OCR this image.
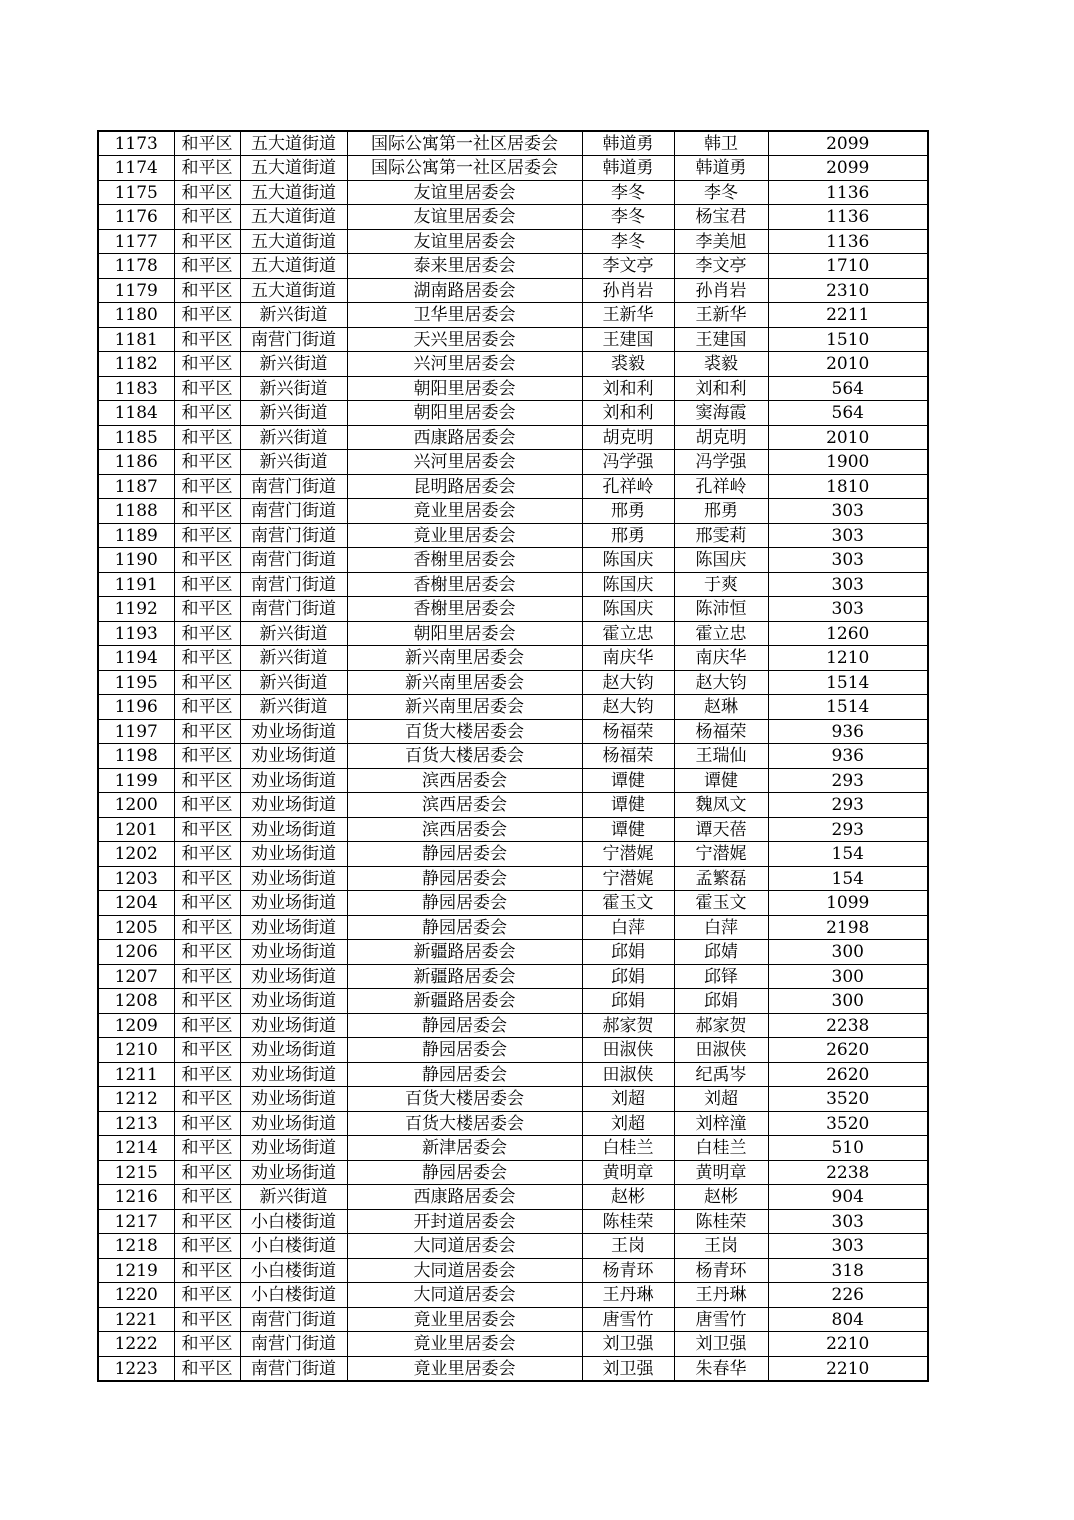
1173	和平区	五大道街道	国际公寓第一社区居委会	韩道勇	韩卫	2099
1174	和平区	五大道街道	国际公寓第一社区居委会	韩道勇	韩道勇	2099
1175	和平区	五大道街道	友谊里居委会	李冬	李冬	1136
1176	和平区	五大道街道	友谊里居委会	李冬	杨宝君	1136
1177	和平区	五大道街道	友谊里居委会	李冬	李美旭	1136
1178	和平区	五大道街道	泰来里居委会	李文亭	李文亭	1710
1179	和平区	五大道街道	湖南路居委会	孙肖岩	孙肖岩	2310
1180	和平区	新兴街道	卫华里居委会	王新华	王新华	2211
1181	和平区	南营门街道	天兴里居委会	王建国	王建国	1510
1182	和平区	新兴街道	兴河里居委会	裘毅	裘毅	2010
1183	和平区	新兴街道	朝阳里居委会	刘和利	刘和利	564
1184	和平区	新兴街道	朝阳里居委会	刘和利	窦海霞	564
1185	和平区	新兴街道	西康路居委会	胡克明	胡克明	2010
1186	和平区	新兴街道	兴河里居委会	冯学强	冯学强	1900
1187	和平区	南营门街道	昆明路居委会	孔祥岭	孔祥岭	1810
1188	和平区	南营门街道	竟业里居委会	邢勇	邢勇	303
1189	和平区	南营门街道	竟业里居委会	邢勇	邢雯莉	303
1190	和平区	南营门街道	香榭里居委会	陈国庆	陈国庆	303
1191	和平区	南营门街道	香榭里居委会	陈国庆	于爽	303
1192	和平区	南营门街道	香榭里居委会	陈国庆	陈沛恒	303
1193	和平区	新兴街道	朝阳里居委会	霍立忠	霍立忠	1260
1194	和平区	新兴街道	新兴南里居委会	南庆华	南庆华	1210
1195	和平区	新兴街道	新兴南里居委会	赵大钧	赵大钧	1514
1196	和平区	新兴街道	新兴南里居委会	赵大钧	赵琳	1514
1197	和平区	劝业场街道	百货大楼居委会	杨福荣	杨福荣	936
1198	和平区	劝业场街道	百货大楼居委会	杨福荣	王瑞仙	936
1199	和平区	劝业场街道	滨西居委会	谭健	谭健	293
1200	和平区	劝业场街道	滨西居委会	谭健	魏凤文	293
1201	和平区	劝业场街道	滨西居委会	谭健	谭天蓓	293
1202	和平区	劝业场街道	静园居委会	宁潜娓	宁潜娓	154
1203	和平区	劝业场街道	静园居委会	宁潜娓	孟繁磊	154
1204	和平区	劝业场街道	静园居委会	霍玉文	霍玉文	1099
1205	和平区	劝业场街道	静园居委会	白萍	白萍	2198
1206	和平区	劝业场街道	新疆路居委会	邱娟	邱婧	300
1207	和平区	劝业场街道	新疆路居委会	邱娟	邱铎	300
1208	和平区	劝业场街道	新疆路居委会	邱娟	邱娟	300
1209	和平区	劝业场街道	静园居委会	郝家贺	郝家贺	2238
1210	和平区	劝业场街道	静园居委会	田淑侠	田淑侠	2620
1211	和平区	劝业场街道	静园居委会	田淑侠	纪禹岑	2620
1212	和平区	劝业场街道	百货大楼居委会	刘超	刘超	3520
1213	和平区	劝业场街道	百货大楼居委会	刘超	刘梓潼	3520
1214	和平区	劝业场街道	新津居委会	白桂兰	白桂兰	510
1215	和平区	劝业场街道	静园居委会	黄明章	黄明章	2238
1216	和平区	新兴街道	西康路居委会	赵彬	赵彬	904
1217	和平区	小白楼街道	开封道居委会	陈桂荣	陈桂荣	303
1218	和平区	小白楼街道	大同道居委会	王岗	王岗	303
1219	和平区	小白楼街道	大同道居委会	杨青环	杨青环	318
1220	和平区	小白楼街道	大同道居委会	王丹琳	王丹琳	226
1221	和平区	南营门街道	竟业里居委会	唐雪竹	唐雪竹	804
1222	和平区	南营门街道	竟业里居委会	刘卫强	刘卫强	2210
1223	和平区	南营门街道	竟业里居委会	刘卫强	朱春华	2210
